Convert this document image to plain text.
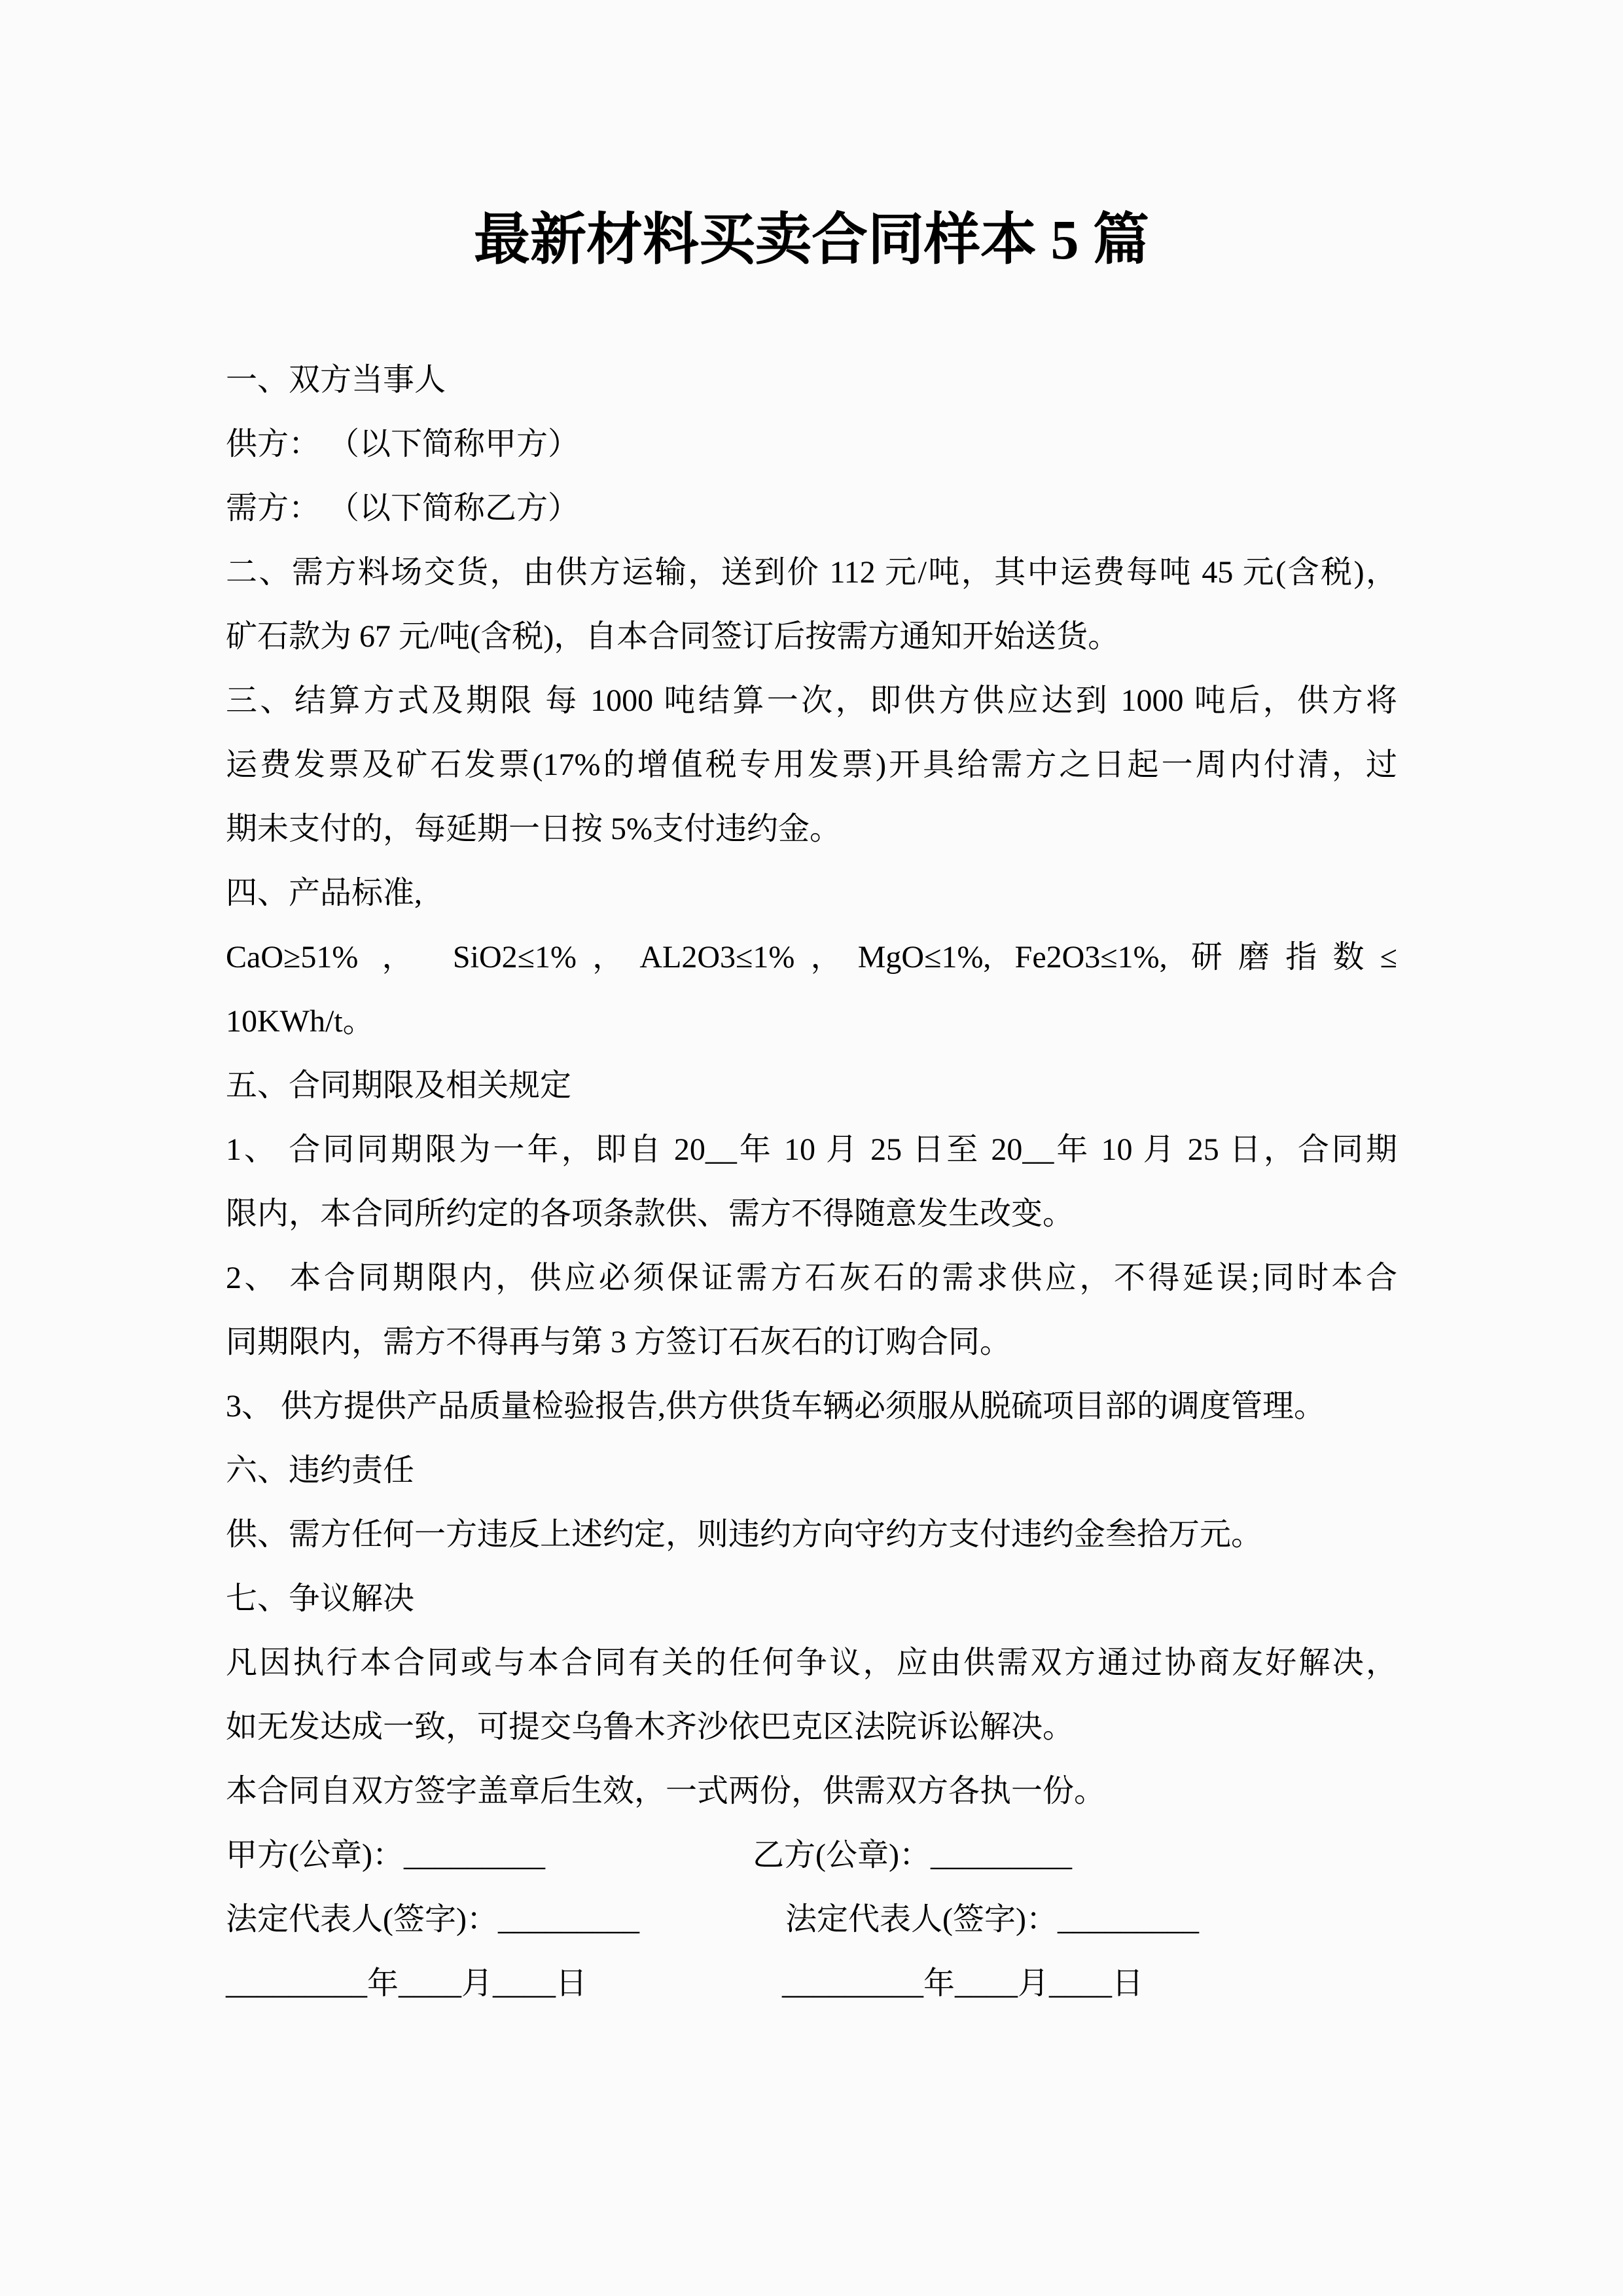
最新材料买卖合同样本 5 篇
一、双方当事人
供方： （以下简称甲方）
需方： （以下简称乙方）
二、需方料场交货，由供方运输，送到价 112 元/吨，其中运费每吨 45 元(含税)，
矿石款为 67 元/吨(含税)，自本合同签订后按需方通知开始送货。
三、结算方式及期限 每 1000 吨结算一次，即供方供应达到 1000 吨后，供方将
运费发票及矿石发票(17%的增值税专用发票)开具给需方之日起一周内付清，过
期未支付的，每延期一日按 5%支付违约金。
四、产品标准,
CaO≥51% ， SiO2≤1%，AL2O3≤1%，MgO≤1%, Fe2O3≤1%, 研磨指数≤
10KWh/t。
五、合同期限及相关规定
1、 合同同期限为一年，即自 20__年 10 月 25 日至 20__年 10 月 25 日，合同期
限内，本合同所约定的各项条款供、需方不得随意发生改变。
2、 本合同期限内，供应必须保证需方石灰石的需求供应，不得延误;同时本合
同期限内，需方不得再与第 3 方签订石灰石的订购合同。
3、 供方提供产品质量检验报告,供方供货车辆必须服从脱硫项目部的调度管理。
六、违约责任
供、需方任何一方违反上述约定，则违约方向守约方支付违约金叁拾万元。
七、争议解决
凡因执行本合同或与本合同有关的任何争议，应由供需双方通过协商友好解决，
如无发达成一致，可提交乌鲁木齐沙依巴克区法院诉讼解决。
本合同自双方签字盖章后生效，一式两份，供需双方各执一份。
甲方(公章)：_________	乙方(公章)：_________
法定代表人(签字)：_________	法定代表人(签字)：_________
_________年____月____日	_________年____月____日
